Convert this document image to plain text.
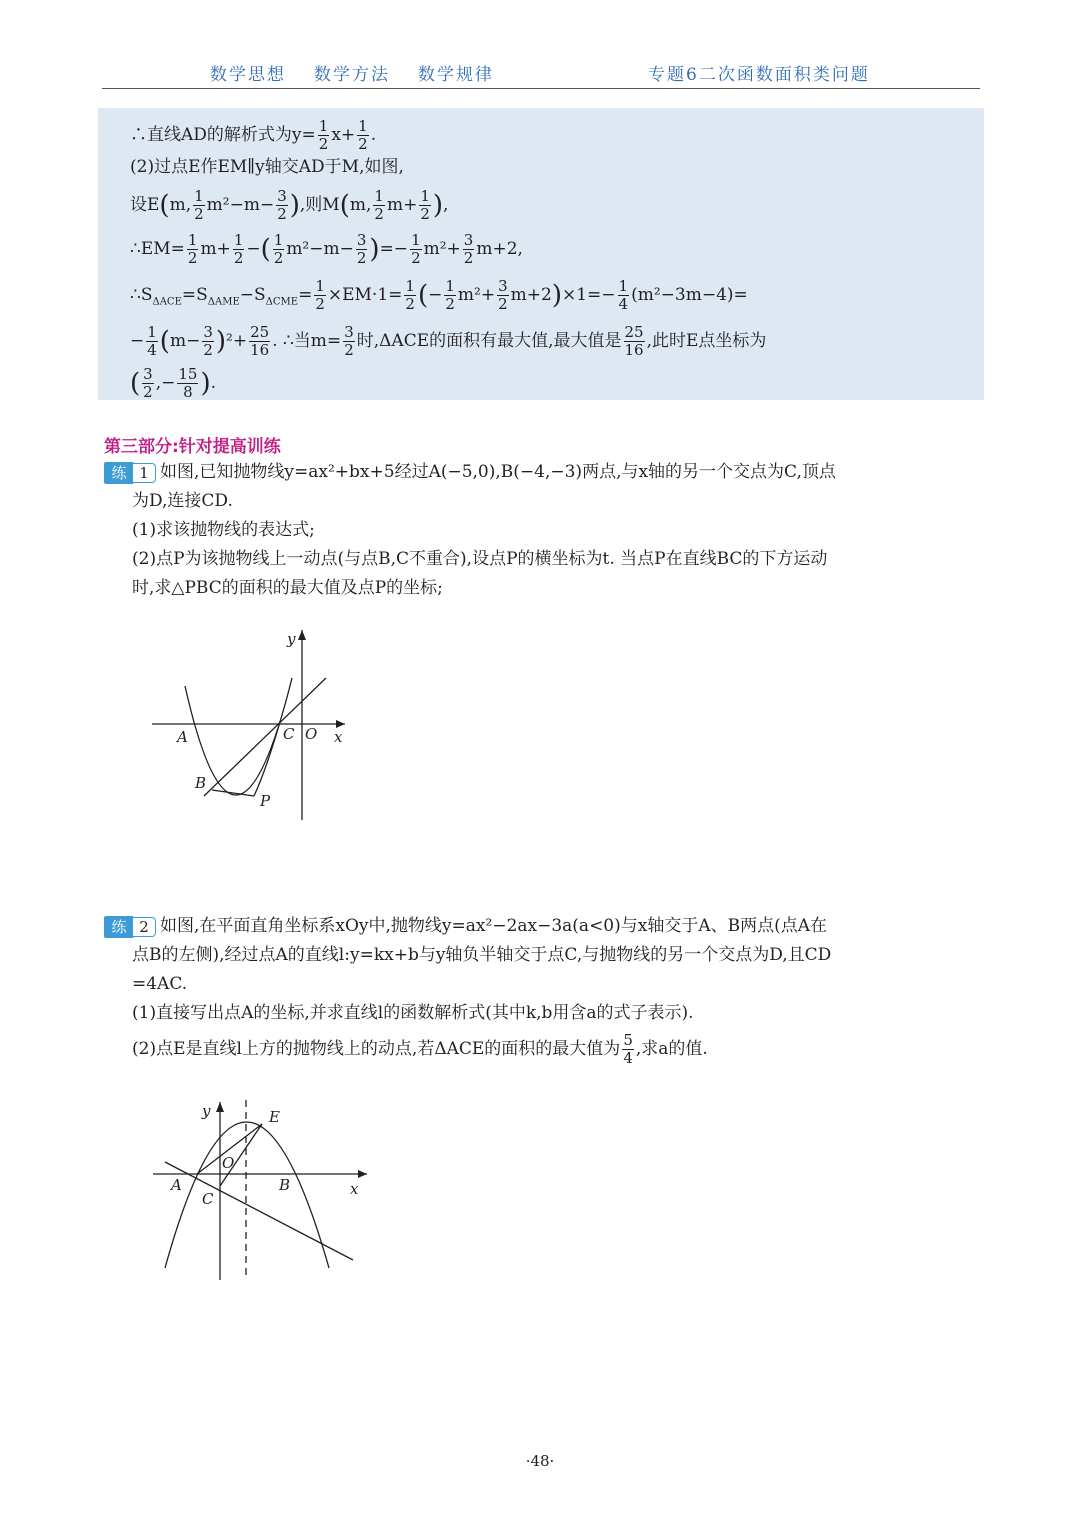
数学思想 数学方法 数学规律	专题6二次函数面积类问题
∴直线AD的解析式为$y= \frac{1}{2} x+ \frac{1}{2}$ .
(2)过点E作EM∥y轴交AD于M,如图,
设E(m, $\frac{1}{2} m^2-m- \frac{3}{2}$ ),则M(m, $\frac{1}{2} m+ \frac{1}{2}$ ),
∴EM= $\frac{1}{2} m+ \frac{1}{2}$ −( $\frac{1}{2} m^2-m- \frac{3}{2}$ )=− $\frac{1}{2} m^2+ \frac{3}{2} m+2$,
$\therefore S_{\Delta ACE}=S_{\Delta AME}-S_{\Delta CME}= \frac{1}{2} \times EM\cdot 1= \frac{1}{2}$ (− $\frac{1}{2} m^2+ \frac{3}{2} m+2)\times 1=- \frac{1}{4} (m^2-3m-4)=$
− $\frac{1}{4} (m- \frac{3}{2} )^2+ \frac{25}{16}$ . ∴当$m= \frac{3}{2}$ 时,ΔACE的面积有最大值,最大值是 $\frac{25}{16}$ ,此时E点坐标为
( $\frac{3}{2}$ ,− $\frac{15}{8}$ ).
第三部分:针对提高训练
练 1 如图,已知抛物线y=ax²+bx+5经过A(−5,0),B(−4,−3)两点,与x轴的另一个交点为C,顶点
为D,连接CD.
(1)求该抛物线的表达式;
(2)点P为该抛物线上一动点(与点B,C不重合),设点P的横坐标为t. 当点P在直线BC的下方运动
时,求△PBC的面积的最大值及点P的坐标;
y
x
A	C O
B
P
练 2 如图,在平面直角坐标系xOy中,抛物线y=ax²−2ax−3a(a<0)与x轴交于A、B两点(点A在
点B的左侧),经过点A的直线l:y=kx+b与y轴负半轴交于点C,与抛物线的另一个交点为D,且CD
=4AC.
(1)直接写出点A的坐标,并求直线l的函数解析式(其中k,b用含a的式子表示).
(2)点E是直线l上方的抛物线上的动点,若ΔACE的面积的最大值为 $\frac{5}{4}$ ,求a的值.
y	E
O
A
C
B	x
·48·
